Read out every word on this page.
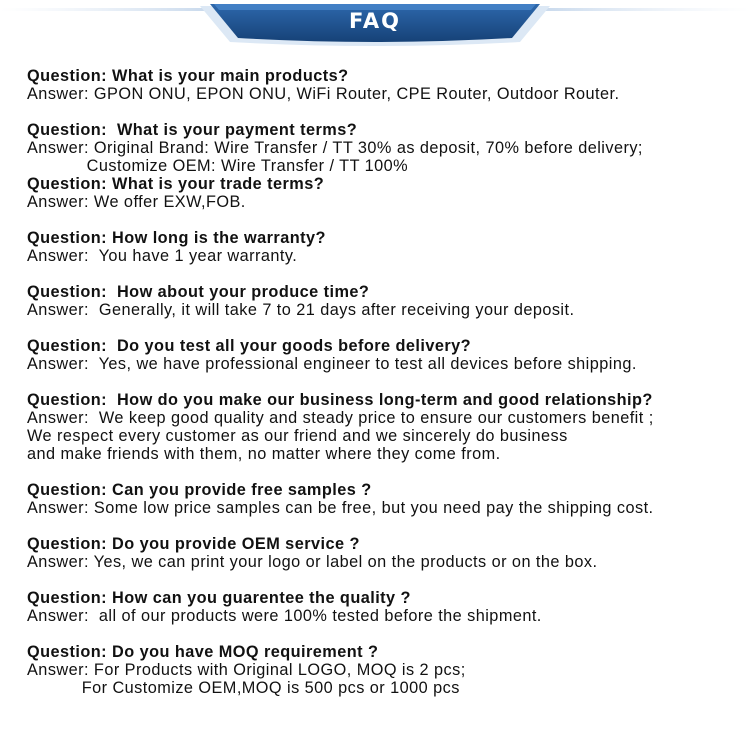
FAQ
Question: What is your main products?
Answer: GPON ONU, EPON ONU, WiFi Router, CPE Router, Outdoor Router.
Question:  What is your payment terms?
Answer: Original Brand: Wire Transfer / TT 30% as deposit, 70% before delivery;
Customize OEM: Wire Transfer / TT 100%
Question: What is your trade terms?
Answer: We offer EXW,FOB.
Question: How long is the warranty?
Answer:  You have 1 year warranty.
Question:  How about your produce time?
Answer:  Generally, it will take 7 to 21 days after receiving your deposit.
Question:  Do you test all your goods before delivery?
Answer:  Yes, we have professional engineer to test all devices before shipping.
Question:  How do you make our business long-term and good relationship?
Answer:  We keep good quality and steady price to ensure our customers benefit ;
We respect every customer as our friend and we sincerely do business
and make friends with them, no matter where they come from.
Question: Can you provide free samples ?
Answer: Some low price samples can be free, but you need pay the shipping cost.
Question: Do you provide OEM service ?
Answer: Yes, we can print your logo or label on the products or on the box.
Question: How can you guarentee the quality ?
Answer:  all of our products were 100% tested before the shipment.
Question: Do you have MOQ requirement ?
Answer: For Products with Original LOGO, MOQ is 2 pcs;
For Customize OEM,MOQ is 500 pcs or 1000 pcs
